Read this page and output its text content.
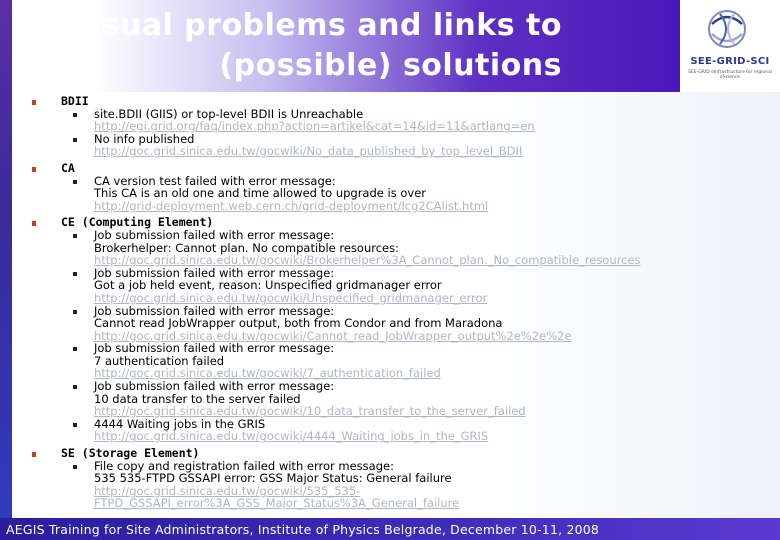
Usual problems and links to
(possible) solutions	SEE-GRID-SCI
SEE-GRID eInfrastructure for regional eScience
BDII
site.BDII (GIIS) or top-level BDII is Unreachable
http://egi.grid.org/faq/index.php?action=artikel&cat=14&id=11&artlang=en
No info published
http://goc.grid.sinica.edu.tw/gocwiki/No_data_published_by_top_level_BDII
CA
CA version test failed with error message:
This CA is an old one and time allowed to upgrade is over
http://grid-deployment.web.cern.ch/grid-deployment/lcg2CAlist.html
CE (Computing Element)
Job submission failed with error message:
Brokerhelper: Cannot plan. No compatible resources:
http://goc.grid.sinica.edu.tw/gocwiki/Brokerhelper%3A_Cannot_plan._No_compatible_resources
Job submission failed with error message:
Got a job held event, reason: Unspecified gridmanager error
http://goc.grid.sinica.edu.tw/gocwiki/Unspecified_gridmanager_error
Job submission failed with error message:
Cannot read JobWrapper output, both from Condor and from Maradona
http://goc.grid.sinica.edu.tw/gocwiki/Cannot_read_JobWrapper_output%2e%2e%2e
Job submission failed with error message:
7 authentication failed
http://goc.grid.sinica.edu.tw/gocwiki/7_authentication_failed
Job submission failed with error message:
10 data transfer to the server failed
http://goc.grid.sinica.edu.tw/gocwiki/10_data_transfer_to_the_server_failed
4444 Waiting jobs in the GRIS
http://goc.grid.sinica.edu.tw/gocwiki/4444_Waiting_jobs_in_the_GRIS
SE (Storage Element)
File copy and registration failed with error message:
535 535-FTPD GSSAPI error: GSS Major Status: General failure
http://goc.grid.sinica.edu.tw/gocwiki/535_535-
FTPD_GSSAPI_error%3A_GSS_Major_Status%3A_General_failure
AEGIS Training for Site Administrators, Institute of Physics Belgrade, December 10-11, 2008
